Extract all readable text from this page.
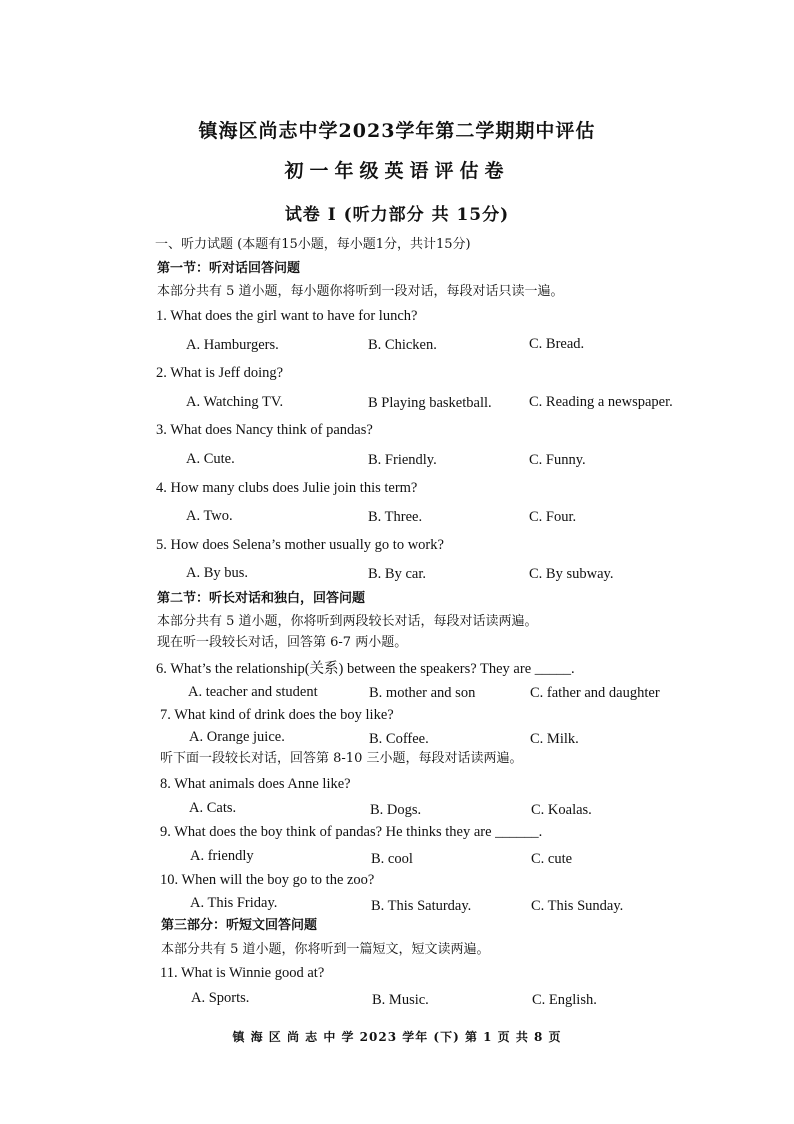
镇海区尚志中学2023学年第二学期期中评估
初一年级英语评估卷
试卷 I (听力部分 共 15分)
一、听力试题 (本题有15小题，每小题1分，共计15分)
第一节：听对话回答问题
本部分共有 5 道小题，每小题你将听到一段对话，每段对话只读一遍。
1. What does the girl want to have for lunch?
A. Hamburgers.	B. Chicken.	C. Bread.
2. What is Jeff doing?
A. Watching TV.	B Playing basketball.	C. Reading a newspaper.
3. What does Nancy think of pandas?
A. Cute.	B. Friendly.	C. Funny.
4. How many clubs does Julie join this term?
A. Two.	B. Three.	C. Four.
5. How does Selena’s mother usually go to work?
A. By bus.	B. By car.	C. By subway.
第二节：听长对话和独白，回答问题
本部分共有 5 道小题，你将听到两段较长对话，每段对话读两遍。
现在听一段较长对话，回答第 6-7 两小题。
6. What’s the relationship(关系) between the speakers? They are _____.
A. teacher and student	B. mother and son	C. father and daughter
7. What kind of drink does the boy like?
A. Orange juice.	B. Coffee.	C. Milk.
听下面一段较长对话，回答第 8-10 三小题，每段对话读两遍。
8. What animals does Anne like?
A. Cats.	B. Dogs.	C. Koalas.
9. What does the boy think of pandas? He thinks they are ______.
A. friendly	B. cool	C. cute
10. When will the boy go to the zoo?
A. This Friday.	B. This Saturday.	C. This Sunday.
第三部分：听短文回答问题
本部分共有 5 道小题，你将听到一篇短文，短文读两遍。
11. What is Winnie good at?
A. Sports.	B. Music.	C. English.
镇 海 区 尚 志 中 学 2023 学年 (下) 第 1 页 共 8 页
